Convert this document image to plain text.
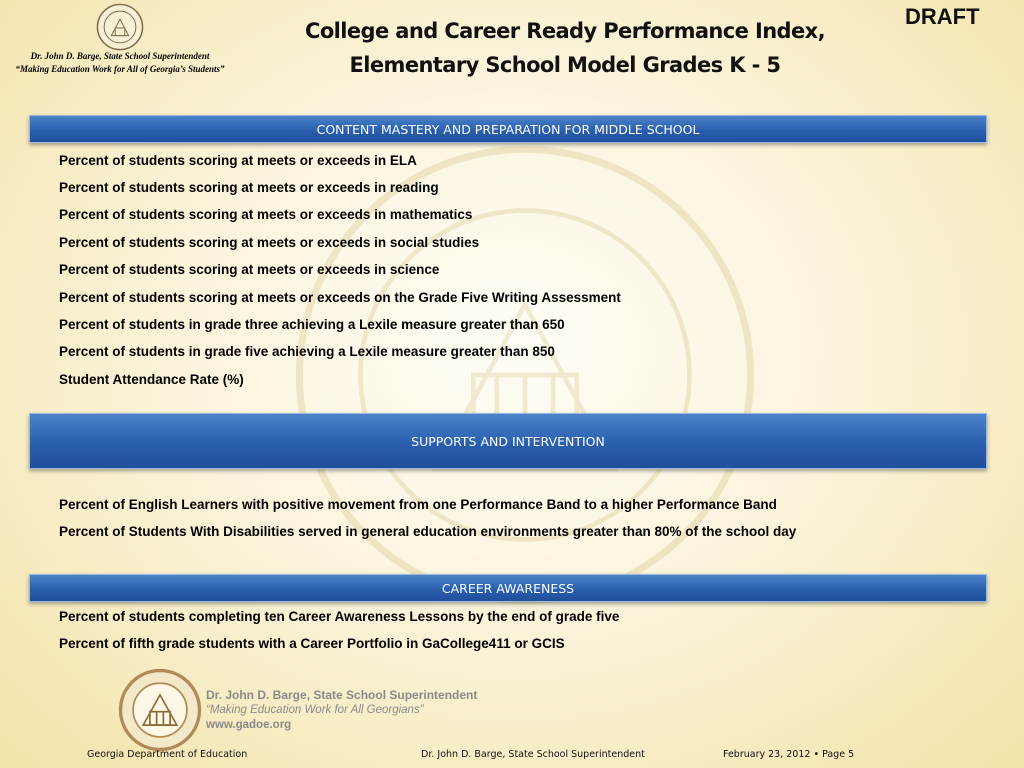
Dr. John D. Barge, State School Superintendent
“Making Education Work for All of Georgia’s Students”
College and Career Ready Performance Index,
Elementary School Model Grades K - 5
DRAFT
CONTENT MASTERY AND PREPARATION FOR MIDDLE SCHOOL
Percent of students scoring at meets or exceeds in ELA
Percent of students scoring at meets or exceeds in reading
Percent of students scoring at meets or exceeds in mathematics
Percent of students scoring at meets or exceeds in social studies
Percent of students scoring at meets or exceeds in science
Percent of students scoring at meets or exceeds on the Grade Five Writing Assessment
Percent of students in grade three achieving a Lexile measure greater than 650
Percent of students in grade five achieving a Lexile measure greater than 850
Student Attendance Rate (%)
SUPPORTS AND INTERVENTION
Percent of English Learners with positive movement from one Performance Band to a higher Performance Band
Percent of Students With Disabilities served in general education environments greater than 80% of the school day
CAREER AWARENESS
Percent of students completing ten Career Awareness Lessons by the end of grade five
Percent of fifth grade students with a Career Portfolio in GaCollege411 or GCIS
Dr. John D. Barge, State School Superintendent
“Making Education Work for All Georgians”
www.gadoe.org
Georgia Department of Education	Dr. John D. Barge, State School Superintendent	February 23, 2012 • Page 5
